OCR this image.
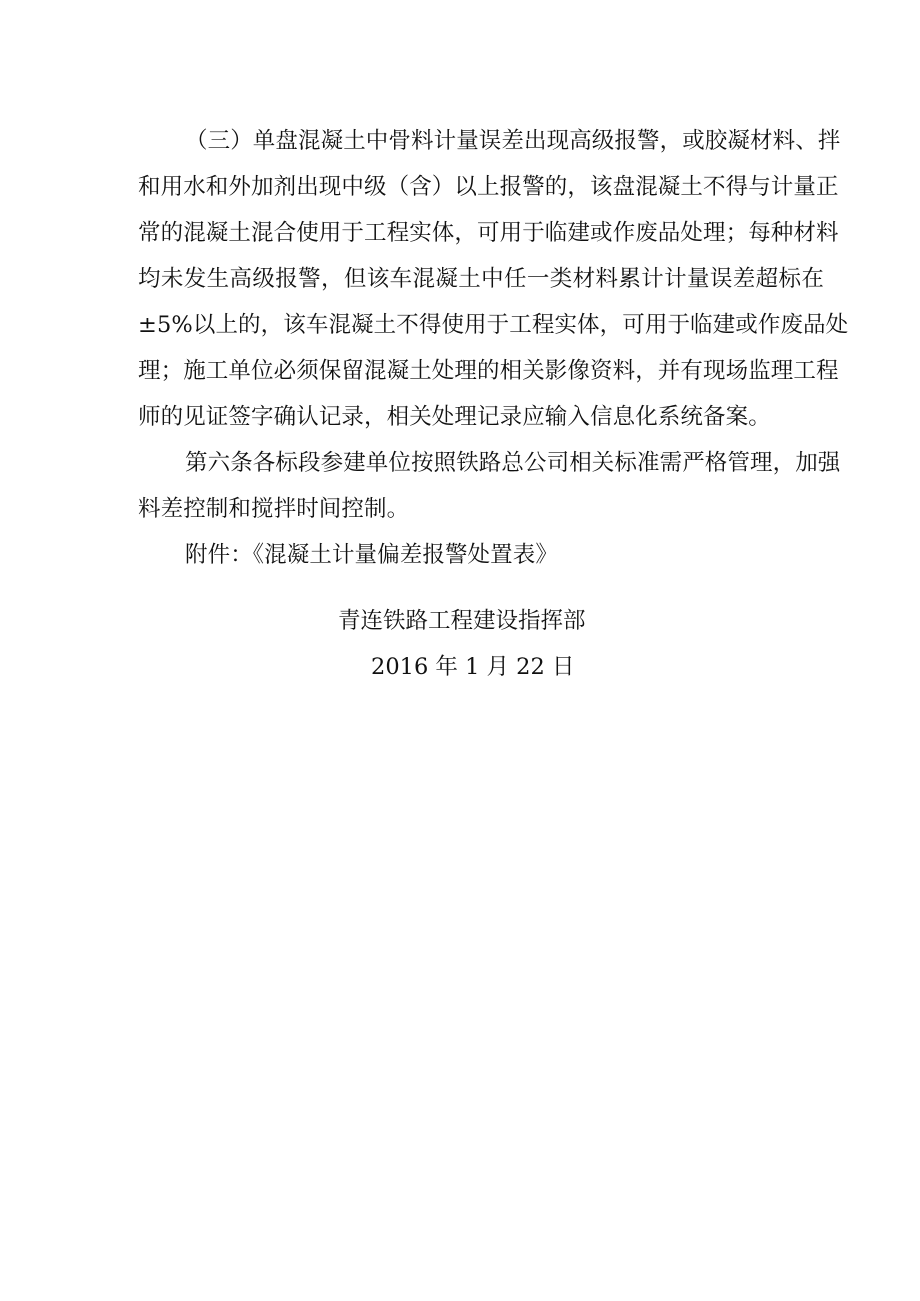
（三）单盘混凝土中骨料计量误差出现高级报警，或胶凝材料、拌
和用水和外加剂出现中级（含）以上报警的，该盘混凝土不得与计量正
常的混凝土混合使用于工程实体，可用于临建或作废品处理；每种材料
均未发生高级报警，但该车混凝土中任一类材料累计计量误差超标在
±5%以上的，该车混凝土不得使用于工程实体，可用于临建或作废品处
理；施工单位必须保留混凝土处理的相关影像资料，并有现场监理工程
师的见证签字确认记录，相关处理记录应输入信息化系统备案。
第六条各标段参建单位按照铁路总公司相关标准需严格管理，加强
料差控制和搅拌时间控制。
附件：《混凝土计量偏差报警处置表》
青连铁路工程建设指挥部
2016 年 1 月 22 日
